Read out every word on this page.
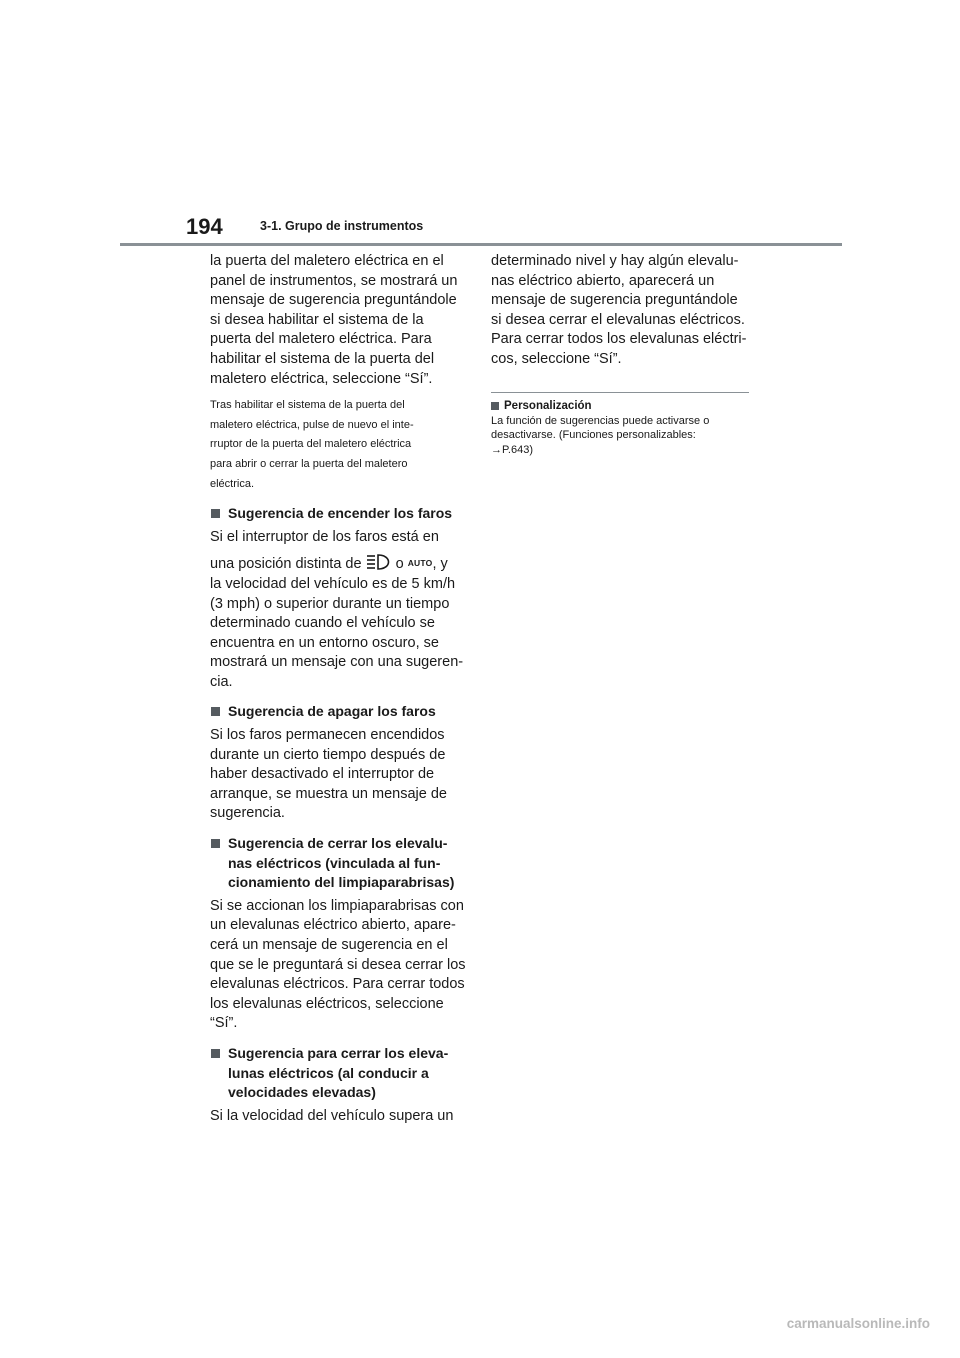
194	3-1. Grupo de instrumentos

la puerta del maletero eléctrica en el
panel de instrumentos, se mostrará un
mensaje de sugerencia preguntándole
si desea habilitar el sistema de la
puerta del maletero eléctrica. Para
habilitar el sistema de la puerta del
maletero eléctrica, seleccione “Sí”.

Tras habilitar el sistema de la puerta del
maletero eléctrica, pulse de nuevo el inte-
rruptor de la puerta del maletero eléctrica
para abrir o cerrar la puerta del maletero
eléctrica.

Sugerencia de encender los faros

Si el interruptor de los faros está en
una posición distinta de  o AUTO, y
la velocidad del vehículo es de 5 km/h
(3 mph) o superior durante un tiempo
determinado cuando el vehículo se
encuentra en un entorno oscuro, se
mostrará un mensaje con una sugeren-
cia.

Sugerencia de apagar los faros

Si los faros permanecen encendidos
durante un cierto tiempo después de
haber desactivado el interruptor de
arranque, se muestra un mensaje de
sugerencia.

Sugerencia de cerrar los elevalu-
nas eléctricos (vinculada al fun-
cionamiento del limpiaparabrisas)

Si se accionan los limpiaparabrisas con
un elevalunas eléctrico abierto, apare-
cerá un mensaje de sugerencia en el
que se le preguntará si desea cerrar los
elevalunas eléctricos. Para cerrar todos
los elevalunas eléctricos, seleccione
“Sí”.

Sugerencia para cerrar los eleva-
lunas eléctricos (al conducir a
velocidades elevadas)

Si la velocidad del vehículo supera un

determinado nivel y hay algún elevalu-
nas eléctrico abierto, aparecerá un
mensaje de sugerencia preguntándole
si desea cerrar el elevalunas eléctricos.
Para cerrar todos los elevalunas eléctri-
cos, seleccione “Sí”.

Personalización

La función de sugerencias puede activarse o
desactivarse. (Funciones personalizables:
→P.643)

carmanualsonline.info
